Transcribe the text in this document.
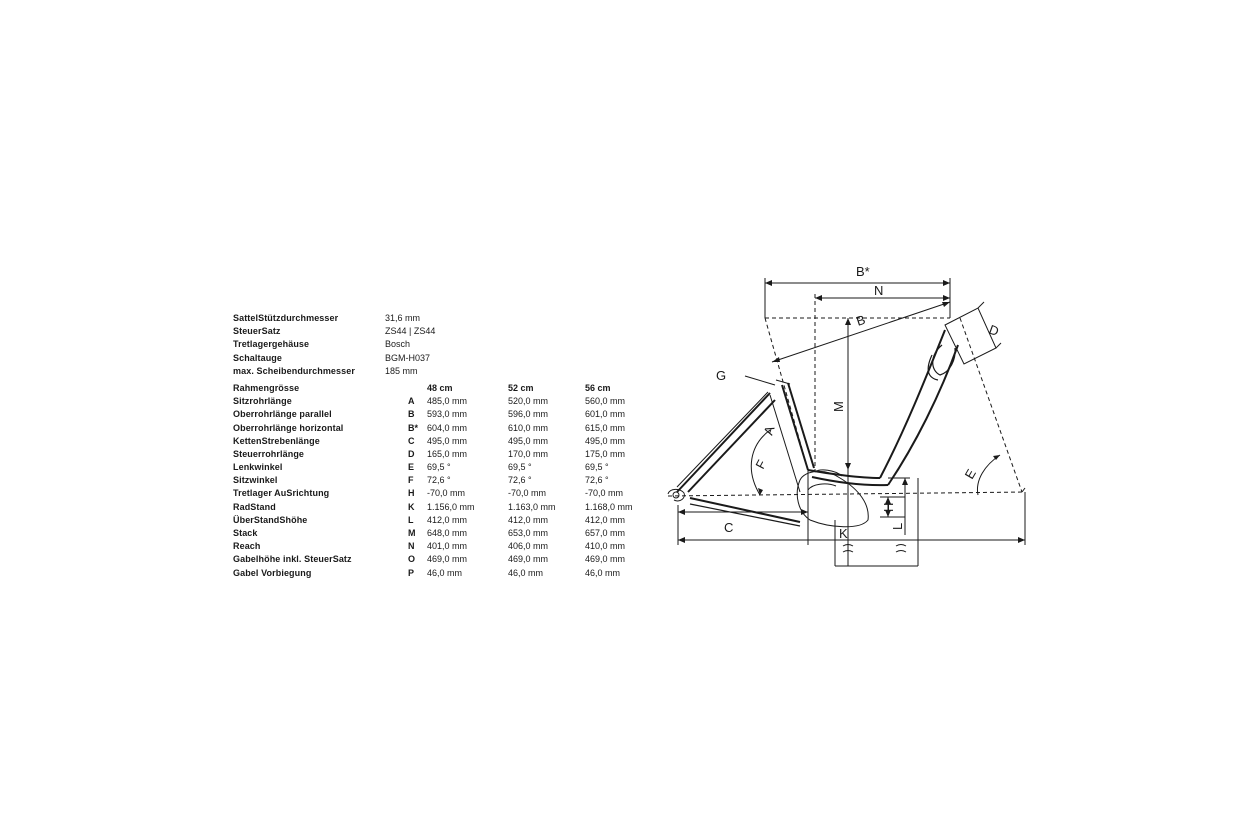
B*
N
B
D
G
M
A
F
E
C	K
H
L
SattelStützdurchmesser	31,6 mm
SteuerSatz	ZS44 | ZS44
Tretlagergehäuse	Bosch
Schaltauge	BGM-H037
max. Scheibendurchmesser	185 mm
Rahmengrösse	48 cm	52 cm	56 cm
Sitzrohrlänge	A 485,0 mm	520,0 mm	560,0 mm
Oberrohrlänge parallel	B 593,0 mm	596,0 mm	601,0 mm
Oberrohrlänge horizontal	B* 604,0 mm	610,0 mm	615,0 mm
KettenStrebenlänge	C 495,0 mm	495,0 mm	495,0 mm
Steuerrohrlänge	D 165,0 mm	170,0 mm	175,0 mm
Lenkwinkel	E 69,5 °	69,5 °	69,5 °
Sitzwinkel	F 72,6 °	72,6 °	72,6 °
Tretlager AuSrichtung	H -70,0 mm	-70,0 mm	-70,0 mm
RadStand	K 1.156,0 mm	1.163,0 mm	1.168,0 mm
ÜberStandShöhe	L 412,0 mm	412,0 mm	412,0 mm
Stack	M 648,0 mm	653,0 mm	657,0 mm
Reach	N 401,0 mm	406,0 mm	410,0 mm
Gabelhöhe inkl. SteuerSatz	O 469,0 mm	469,0 mm	469,0 mm
Gabel Vorbiegung	P 46,0 mm	46,0 mm	46,0 mm
